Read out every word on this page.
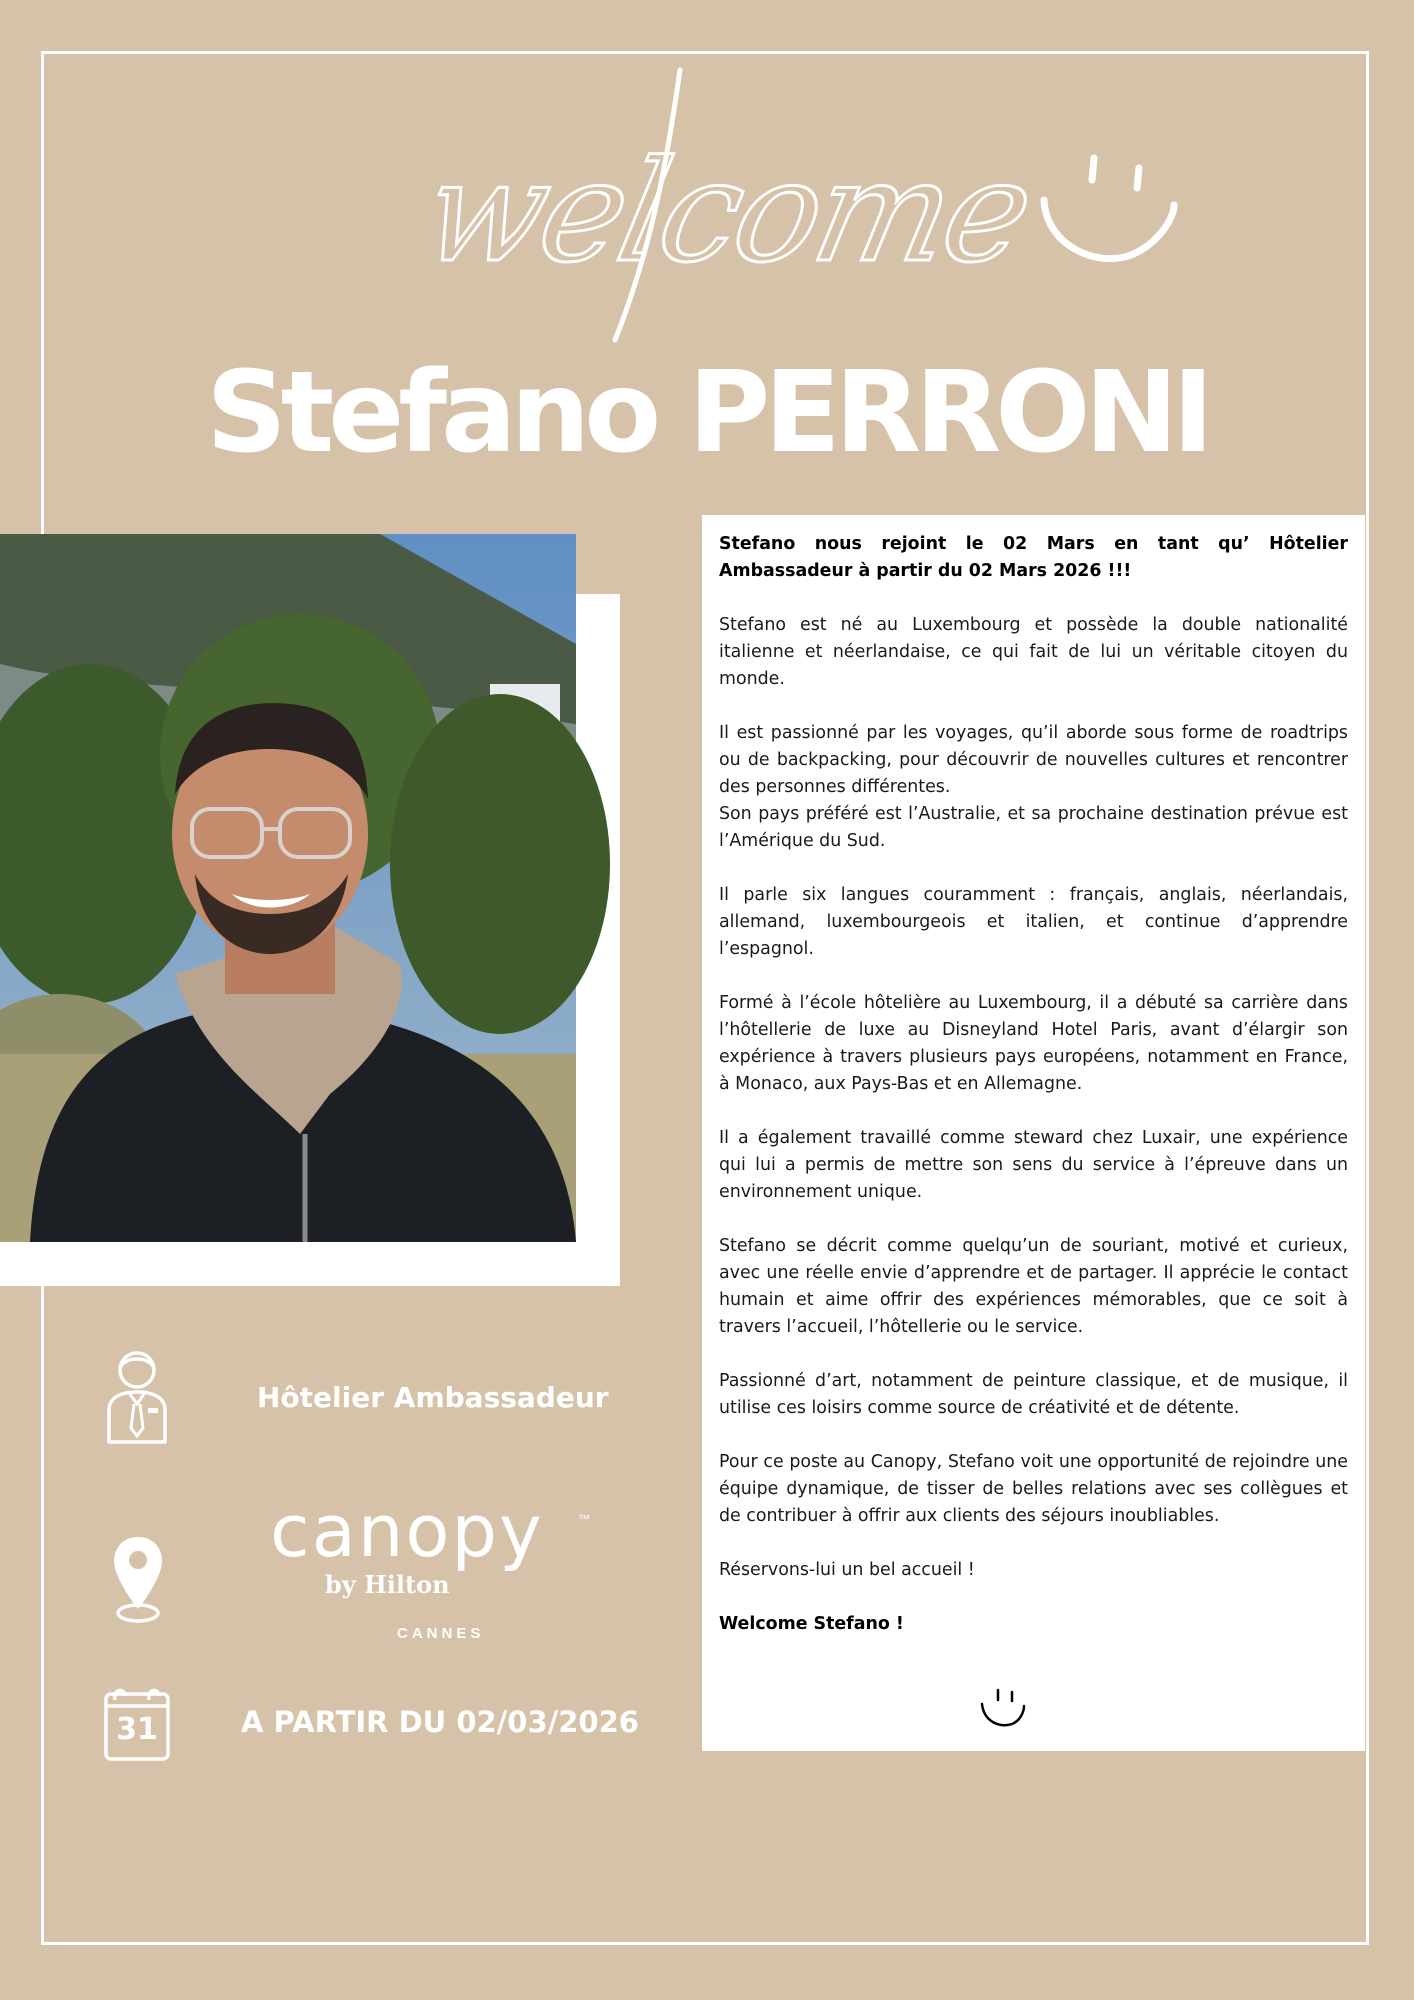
welcome
Stefano PERRONI
Hôtelier Ambassadeur
canopy	™
by Hilton
CANNES
31	A PARTIR DU 02/03/2026

Stefano nous rejoint le 02 Mars en tant qu’ Hôtelier Ambassadeur à partir du 02 Mars 2026 !!!

Stefano est né au Luxembourg et possède la double nationalité italienne et néerlandaise, ce qui fait de lui un véritable citoyen du monde.

Il est passionné par les voyages, qu’il aborde sous forme de roadtrips ou de backpacking, pour découvrir de nouvelles cultures et rencontrer des personnes différentes.

Son pays préféré est l’Australie, et sa prochaine destination prévue est l’Amérique du Sud.

Il parle six langues couramment : français, anglais, néerlandais, allemand, luxembourgeois et italien, et continue d’apprendre l’espagnol.

Formé à l’école hôtelière au Luxembourg, il a débuté sa carrière dans l’hôtellerie de luxe au Disneyland Hotel Paris, avant d’élargir son expérience à travers plusieurs pays européens, notamment en France, à Monaco, aux Pays-Bas et en Allemagne.

Il a également travaillé comme steward chez Luxair, une expérience qui lui a permis de mettre son sens du service à l’épreuve dans un environnement unique.

Stefano se décrit comme quelqu’un de souriant, motivé et curieux, avec une réelle envie d’apprendre et de partager. Il apprécie le contact humain et aime offrir des expériences mémorables, que ce soit à travers l’accueil, l’hôtellerie ou le service.

Passionné d’art, notamment de peinture classique, et de musique, il utilise ces loisirs comme source de créativité et de détente.

Pour ce poste au Canopy, Stefano voit une opportunité de rejoindre une équipe dynamique, de tisser de belles relations avec ses collègues et de contribuer à offrir aux clients des séjours inoubliables.

Réservons-lui un bel accueil !

Welcome Stefano !
